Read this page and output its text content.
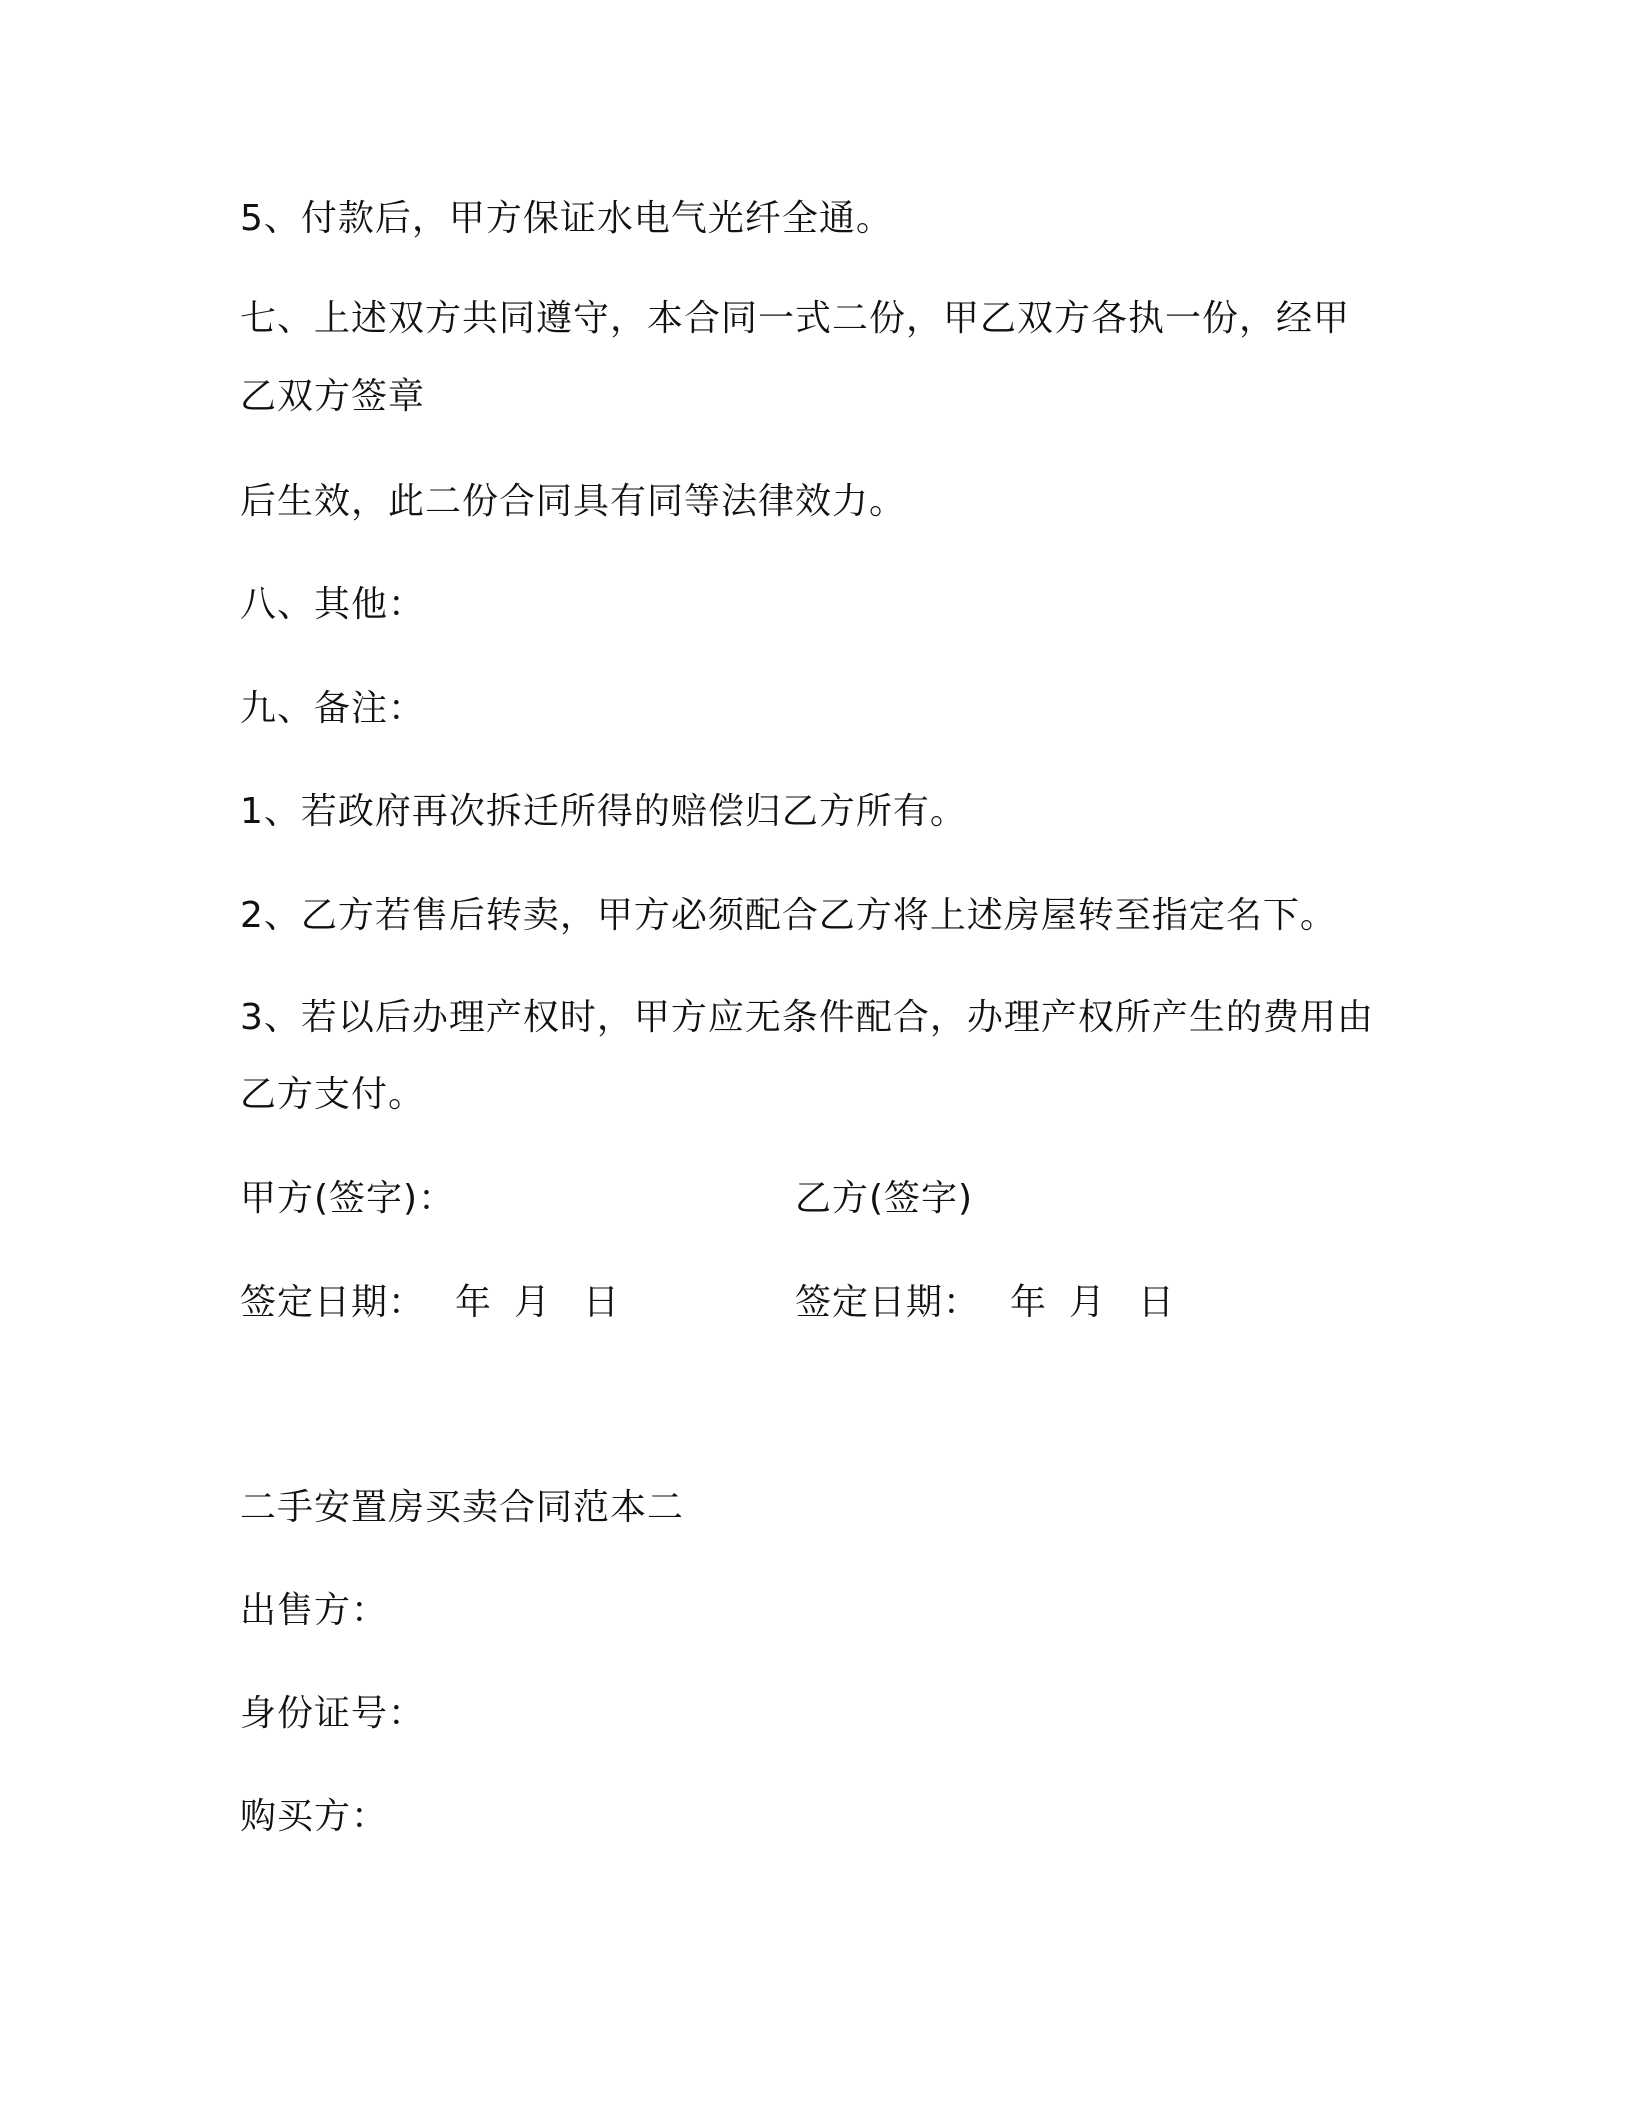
5、付款后，甲方保证水电气光纤全通。
七、上述双方共同遵守，本合同一式二份，甲乙双方各执一份，经甲
乙双方签章
后生效，此二份合同具有同等法律效力。
八、其他：
九、备注：
1、若政府再次拆迁所得的赔偿归乙方所有。
2、乙方若售后转卖，甲方必须配合乙方将上述房屋转至指定名下。
3、若以后办理产权时，甲方应无条件配合，办理产权所产生的费用由
乙方支付。
甲方(签字)：	乙方(签字)
签定日期： 年 月 日	签定日期： 年 月 日
二手安置房买卖合同范本二
出售方：
身份证号：
购买方：
